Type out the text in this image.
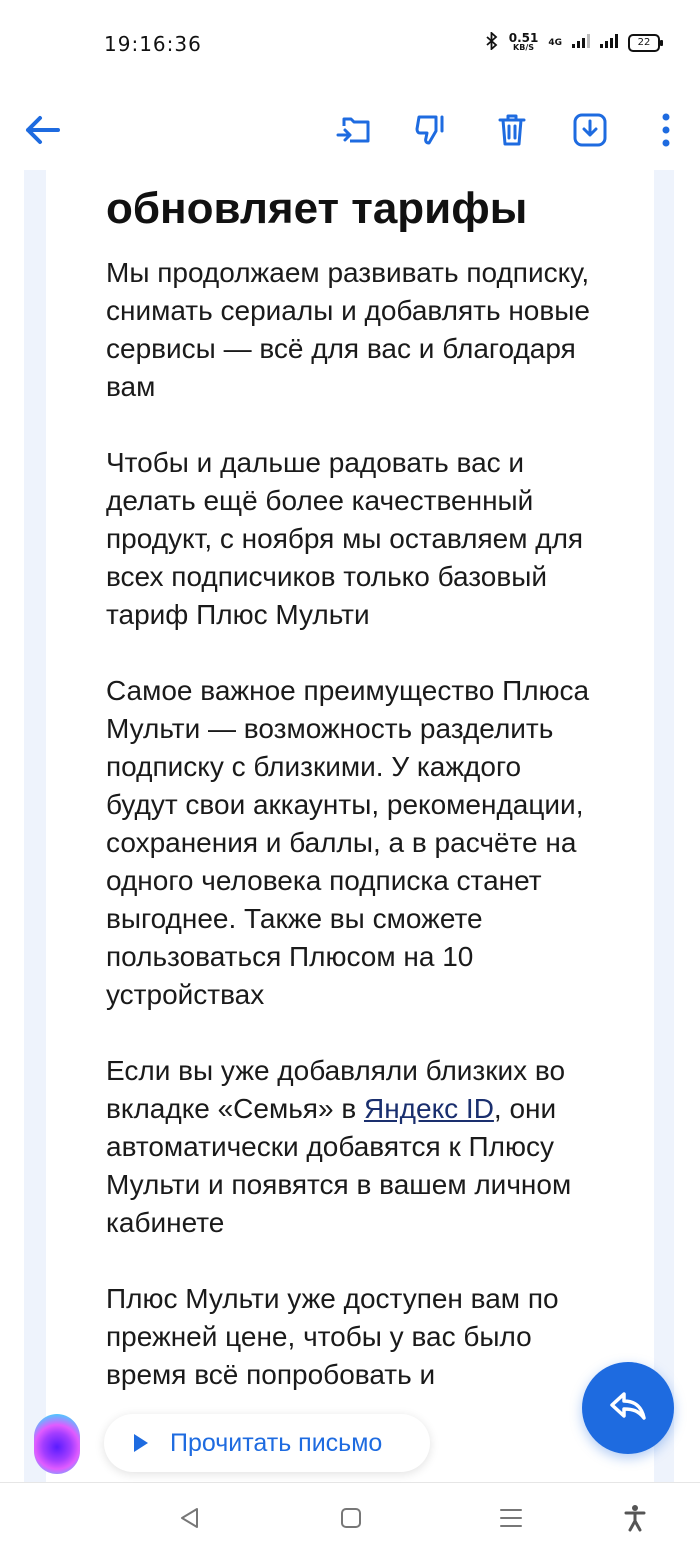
19:16:36	0.51
KB/S 4G	22
обновляет тарифы

Мы продолжаем развивать подписку, снимать сериалы и добавлять новые сервисы — всё для вас и благодаря вам

Чтобы и дальше радовать вас и делать ещё более качественный продукт, с ноября мы оставляем для всех подписчиков только базовый тариф Плюс Мульти

Самое важное преимущество Плюса Мульти — возможность разделить подписку с близкими. У каждого будут свои аккаунты, рекомендации, сохранения и баллы, а в расчёте на одного человека подписка станет выгоднее. Также вы сможете пользоваться Плюсом на 10 устройствах

Если вы уже добавляли близких во вкладке «Семья» в Яндекс ID, они автоматически добавятся к Плюсу Мульти и появятся в вашем личном кабинете

Плюс Мульти уже доступен вам по прежней цене, чтобы у вас было время всё попробовать и

Прочитать письмо
